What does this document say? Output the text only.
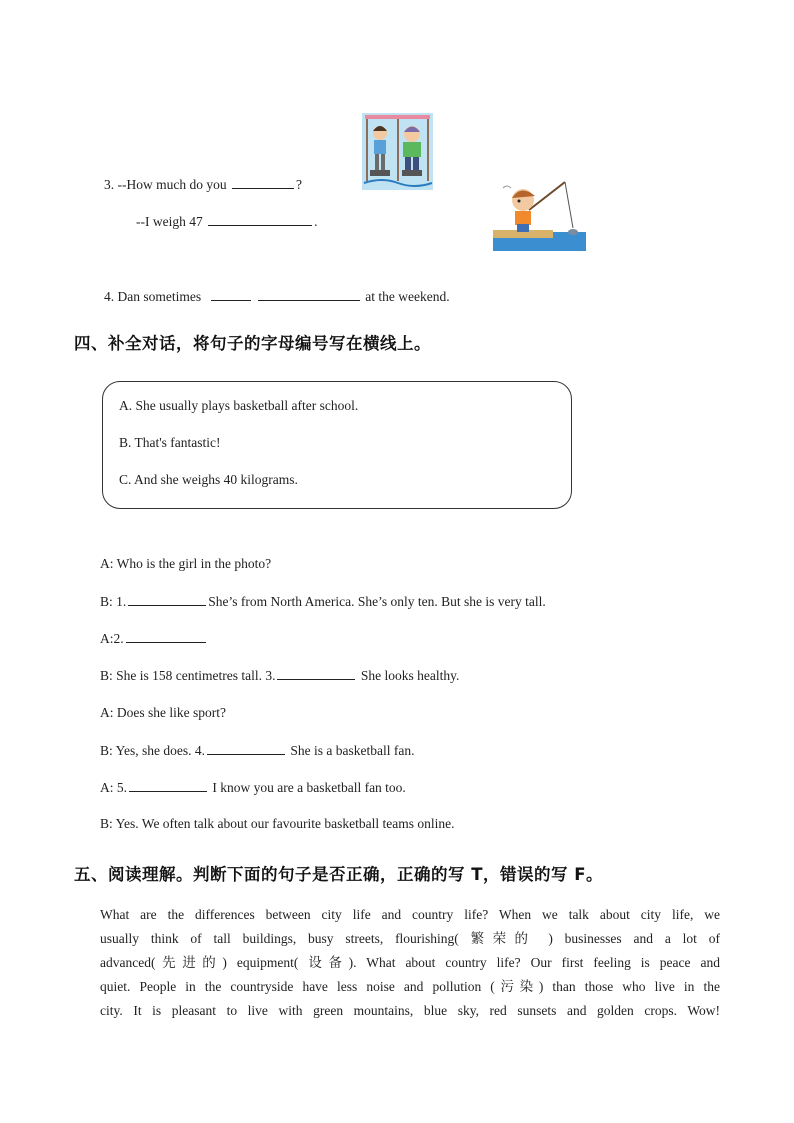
3. --How much do you	?
--I weigh 47	.
4. Dan sometimes	at the weekend.
四、补全对话，将句子的字母编号写在横线上。
A. She usually plays basketball after school.
B. That's fantastic!
C. And she weighs 40 kilograms.
A: Who is the girl in the photo?
B: 1.	She’s from North America. She’s only ten. But she is very tall.
A:2.
B: She is 158 centimetres tall. 3.	She looks healthy.
A: Does she like sport?
B: Yes, she does. 4.	She is a basketball fan.
A: 5.	I know you are a basketball fan too.
B: Yes. We often talk about our favourite basketball teams online.
五、阅读理解。判断下面的句子是否正确，正确的写 T，错误的写 F。

What are the differences between city life and country life? When we talk about city life, we

usually think of tall buildings, busy streets, flourishing( 繁荣的 ) businesses and a lot of

advanced(先进的) equipment( 设备). What about country life? Our first feeling is peace and

quiet. People in the countryside have less noise and pollution (污染) than those who live in the

city. It is pleasant to live with green mountains, blue sky, red sunsets and golden crops. Wow!
